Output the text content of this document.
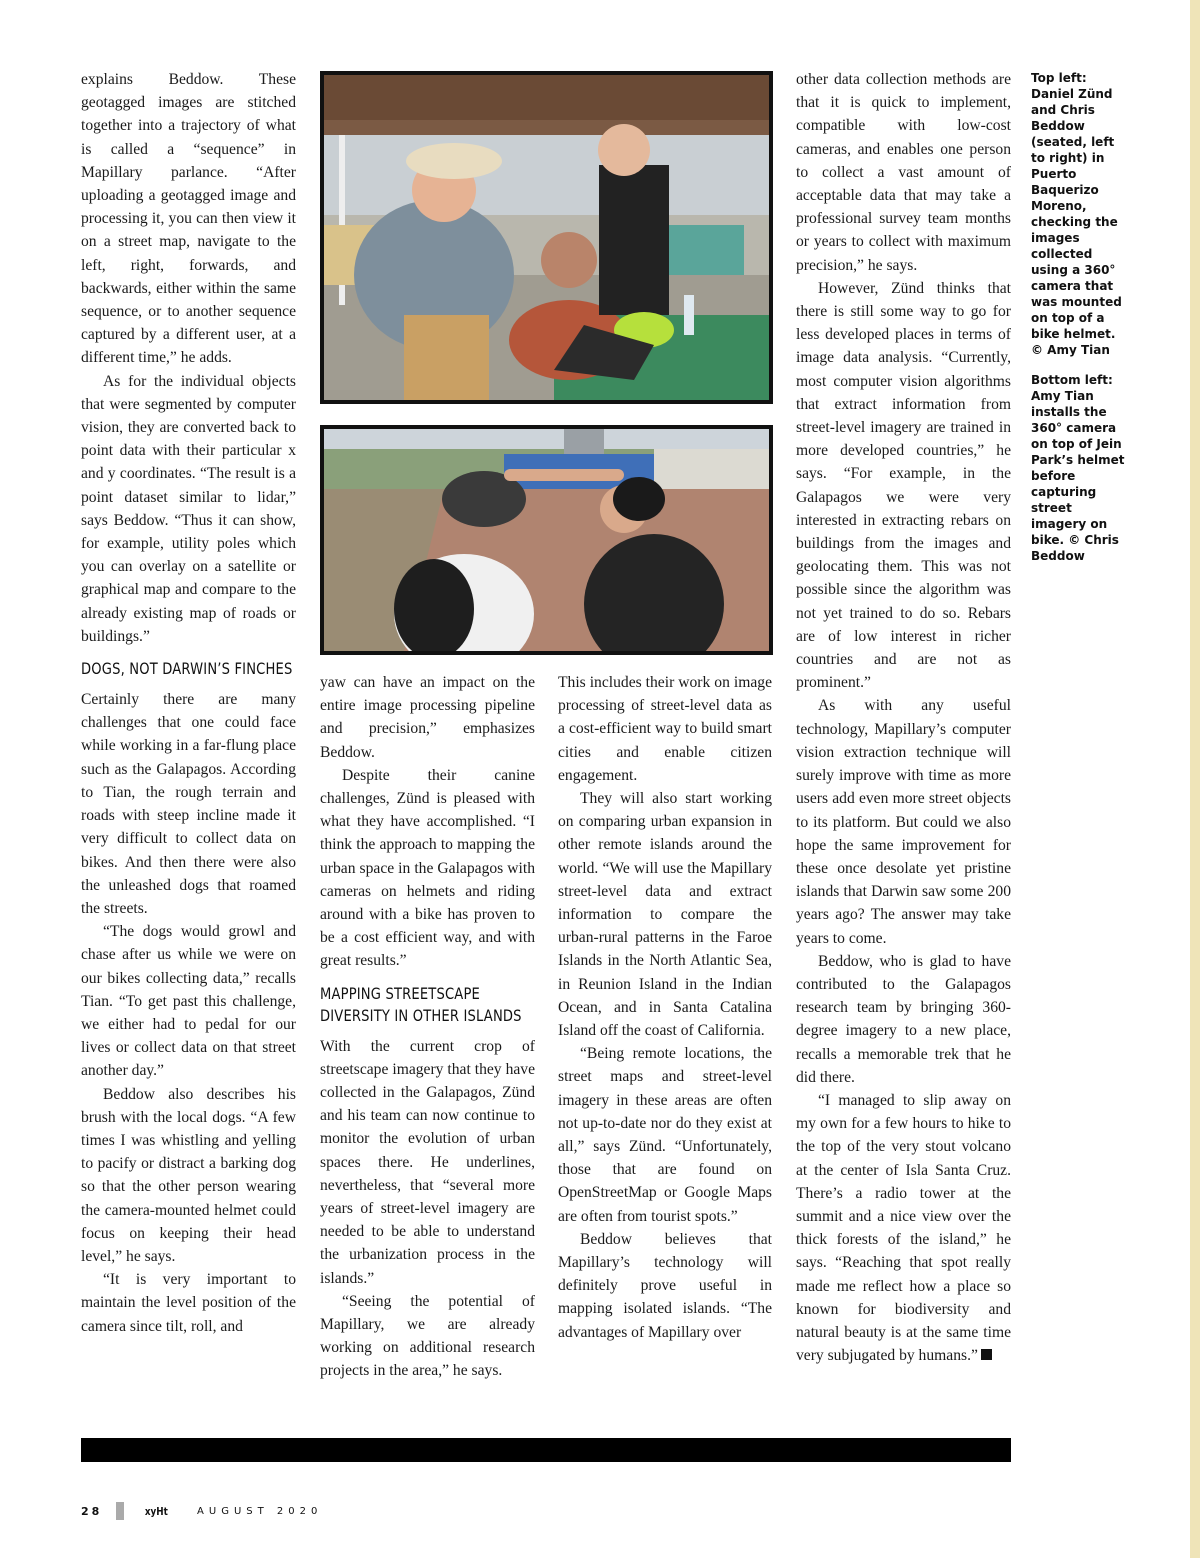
explains Beddow. These geotagged images are stitched together into a trajectory of what is called a “sequence” in Mapillary parlance. “After uploading a geotagged image and processing it, you can then view it on a street map, navigate to the left, right, forwards, and backwards, either within the same sequence, or to another sequence captured by a different user, at a different time,” he adds.

As for the individual objects that were segmented by computer vision, they are converted back to point data with their particular x and y coordinates. “The result is a point dataset similar to lidar,” says Beddow. “Thus it can show, for example, utility poles which you can overlay on a satellite or graphical map and compare to the already existing map of roads or buildings.”

DOGS, NOT DARWIN’S FINCHES

Certainly there are many challenges that one could face while working in a far-flung place such as the Galapagos. According to Tian, the rough terrain and roads with steep incline made it very difficult to collect data on bikes. And then there were also the unleashed dogs that roamed the streets.

“The dogs would growl and chase after us while we were on our bikes collecting data,” recalls Tian. “To get past this challenge, we either had to pedal for our lives or collect data on that street another day.”

Beddow also describes his brush with the local dogs. “A few times I was whistling and yelling to pacify or distract a barking dog so that the other person wearing the camera-mounted helmet could focus on keeping their head level,” he says.

“It is very important to maintain the level position of the camera since tilt, roll, and

yaw can have an impact on the entire image processing pipeline and precision,” emphasizes Beddow.

Despite their canine challenges, Zünd is pleased with what they have accomplished. “I think the approach to mapping the urban space in the Galapagos with cameras on helmets and riding around with a bike has proven to be a cost efficient way, and with great results.”

MAPPING STREETSCAPE DIVERSITY IN OTHER ISLANDS

With the current crop of streetscape imagery that they have collected in the Galapagos, Zünd and his team can now continue to monitor the evolution of urban spaces there. He underlines, nevertheless, that “several more years of street-level imagery are needed to be able to understand the urbanization process in the islands.”

“Seeing the potential of Mapillary, we are already working on additional research projects in the area,” he says.

This includes their work on image processing of street-level data as a cost-efficient way to build smart cities and enable citizen engagement.

They will also start working on comparing urban expansion in other remote islands around the world. “We will use the Mapillary street-level data and extract information to compare the urban-rural patterns in the Faroe Islands in the North Atlantic Sea, in Reunion Island in the Indian Ocean, and in Santa Catalina Island off the coast of California.

“Being remote locations, the street maps and street-level imagery in these areas are often not up-to-date nor do they exist at all,” says Zünd. “Unfortunately, those that are found on OpenStreetMap or Google Maps are often from tourist spots.”

Beddow believes that Mapillary’s technology will definitely prove useful in mapping isolated islands. “The advantages of Mapillary over

other data collection methods are that it is quick to implement, compatible with low-cost cameras, and enables one person to collect a vast amount of acceptable data that may take a professional survey team months or years to collect with maximum precision,” he says.

However, Zünd thinks that there is still some way to go for less developed places in terms of image data analysis. “Currently, most computer vision algorithms that extract information from street-level imagery are trained in more developed countries,” he says. “For example, in the Galapagos we were very interested in extracting rebars on buildings from the images and geolocating them. This was not possible since the algorithm was not yet trained to do so. Rebars are of low interest in richer countries and are not as prominent.”

As with any useful technology, Mapillary’s computer vision extraction technique will surely improve with time as more users add even more street objects to its platform. But could we also hope the same improvement for these once desolate yet pristine islands that Darwin saw some 200 years ago? The answer may take years to come.

Beddow, who is glad to have contributed to the Galapagos research team by bringing 360-degree imagery to a new place, recalls a memorable trek that he did there.

“I managed to slip away on my own for a few hours to hike to the top of the very stout volcano at the center of Isla Santa Cruz. There’s a radio tower at the summit and a nice view over the thick forests of the island,” he says. “Reaching that spot really made me reflect how a place so known for biodiversity and natural beauty is at the same time very subjugated by humans.”

Top left: Daniel Zünd and Chris Beddow (seated, left to right) in Puerto Baquerizo Moreno, checking the images collected using a 360° camera that was mounted on top of a bike helmet. © Amy Tian

Bottom left: Amy Tian installs the 360° camera on top of Jein Park’s helmet before capturing street imagery on bike. © Chris Beddow

28	xyHt	AUGUST 2020
